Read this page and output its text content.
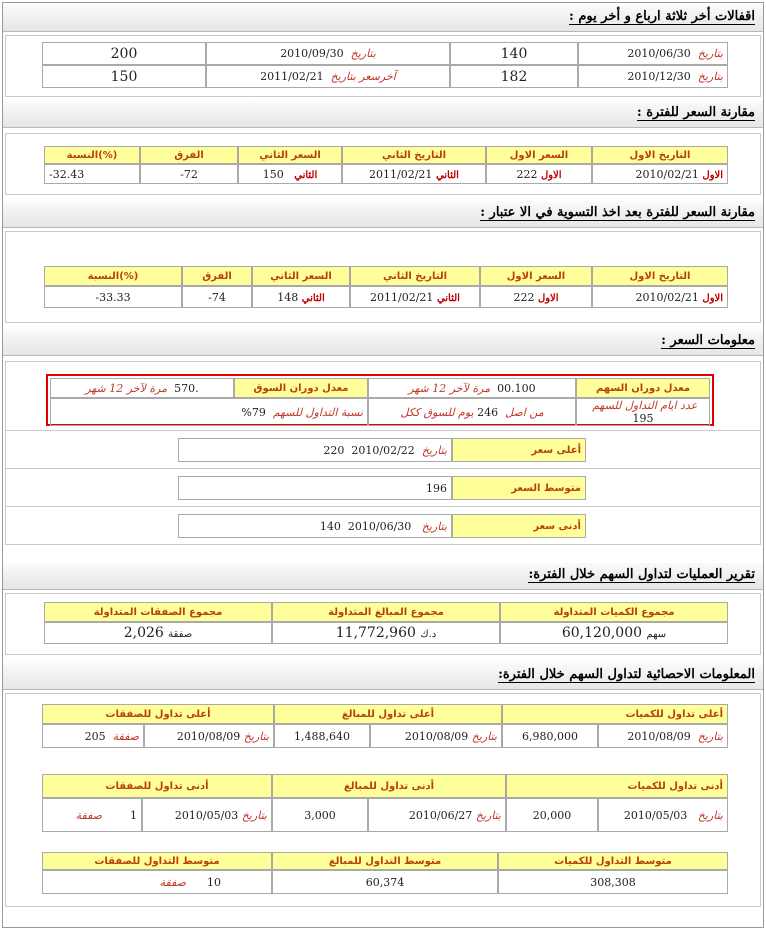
اقفالات أخر ثلاثة ارباع و أخر يوم :
بتاريخ  2010/06/30	140	بتاريخ  2010/09/30	200
بتاريخ  2010/12/30	182	آخرسعر بتاريخ  2011/02/21	150
مقارنة السعر للفترة :
التاريخ الاول	السعر الاول	التاريخ الثاني	السعر الثاني	الفرق	(%)النسبة
الاول 2010/02/21	الاول 222	الثاني 2011/02/21	الثاني   150	-72	-32.43
مقارنة السعر للفترة بعد اخذ التسوية في الا عتبار :
التاريخ الاول	السعر الاول	التاريخ الثاني	السعر الثاني	الفرق	(%)النسبة
الاول 2010/02/21	الاول 222	الثاني 2011/02/21	الثاني 148	-74	-33.33
معلومات السعر :
معدل دوران السهم	00.100  مرة لآخر 12 شهر	معدل دوران السوق	.570  مرة لآخر 12 شهر
عدد ايام التداول للسهم  195	من اصل  246 يوم للسوق ككل	نسبة التداول للسهم  79%	
أعلى سعر	بتاريخ  2010/02/22  220
متوسط السعر	196
أدنى سعر	بتاريخ   2010/06/30  140
تقرير العمليات لتداول السهم خلال الفترة:
مجموع الكميات المتداولة	مجموع المبالغ المتداولة	مجموع الصفقات المتداولة
سهم 60,120,000	د.ك 11,772,960	صفقة 2,026
المعلومات الاحصائية لتداول السهم خلال الفترة:
أعلى تداول للكميات		أعلى تداول للمبالغ		أعلى تداول للصفقات	
بتاريخ  2010/08/09	6,980,000	بتاريخ 2010/08/09	1,488,640	بتاريخ 2010/08/09	صفقة  205
أدنى تداول للكميات		أدنى تداول للمبالغ		أدنى تداول للصفقات	
بتاريخ   2010/05/03	20,000	بتاريخ 2010/06/27	3,000	بتاريخ 2010/05/03	1        صفقة
متوسط التداول للكميات	متوسط التداول للمبالغ	متوسط التداول للصفقات
308,308	60,374	10      صفقة
